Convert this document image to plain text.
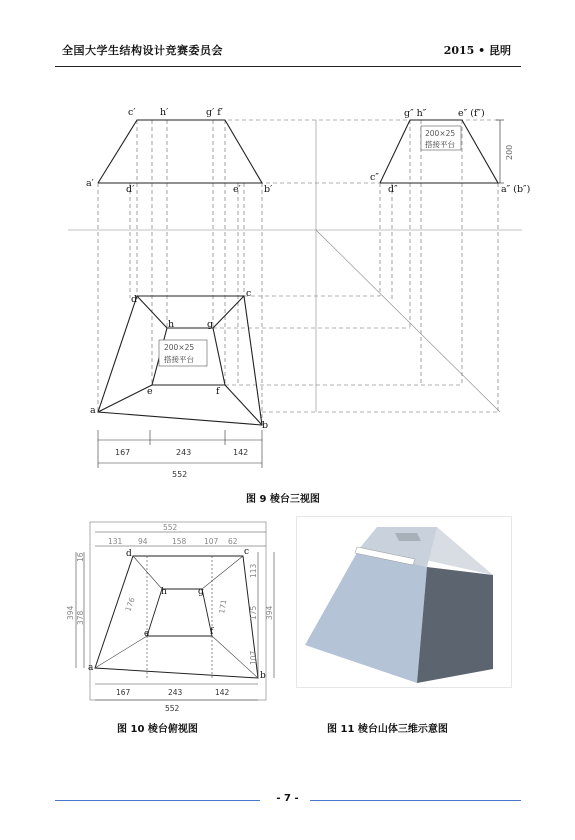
全国大学生结构设计竞赛委员会	2015 • 昆明
c′	h′	g′ f′
a′
d′	e′ b′
g″ h″	e″ (f″)
c″
d″	a″ (b″)
200
200×25
搭接平台
d
c
h	g
e	f
a
b
200×25
搭接平台
167	243	142
552
图 9 棱台三视图
552
131 94	158 107 62
16
378
394
113
175
107
394
176	171
d	c
h	g
e	f
a
b
167	243	142
552
图 10 棱台俯视图	图 11 棱台山体三维示意图
- 7 -
